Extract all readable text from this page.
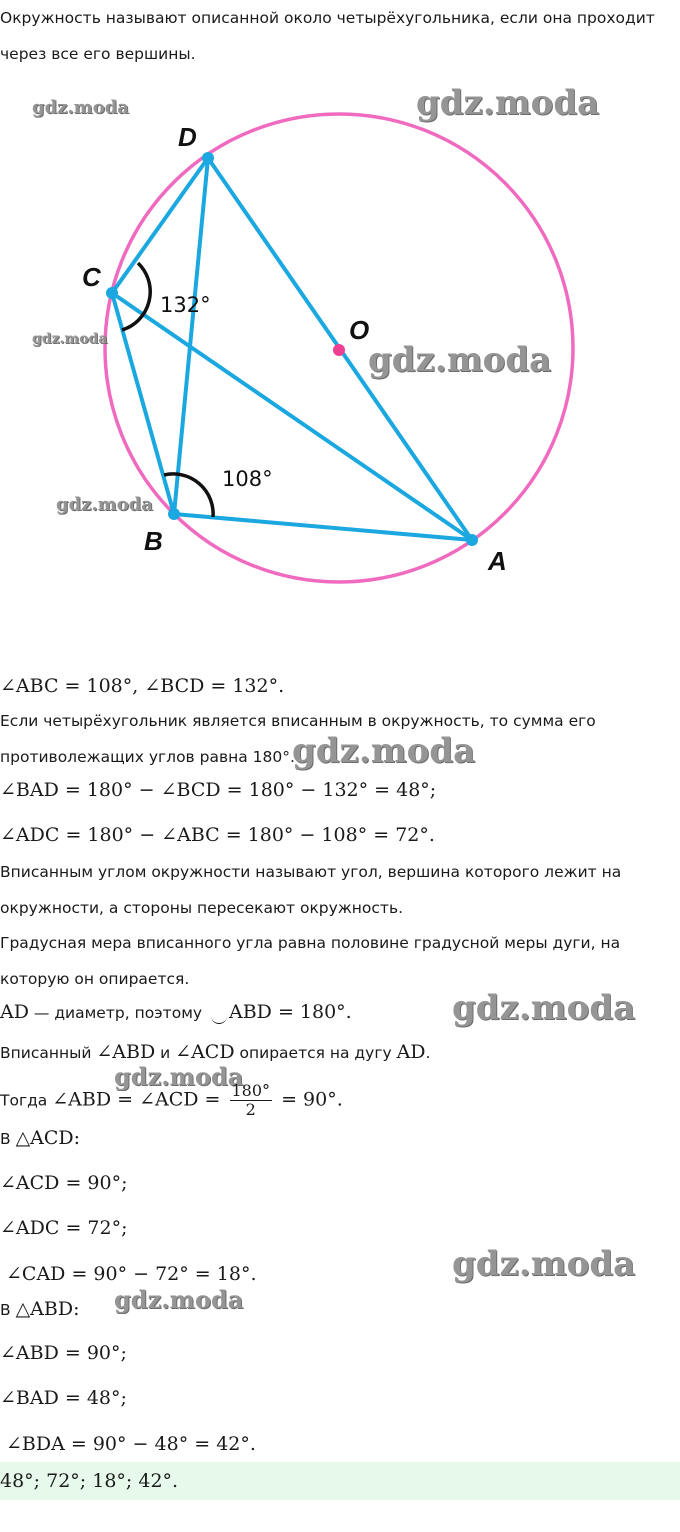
Окружность называют описанной около четырёхугольника, если она проходит
через все его вершины.
D
C
O
B
A
132°
108°
gdz.moda	gdz.moda
gdz.moda
gdz.moda
gdz.moda
gdz.moda
gdz.moda
gdz.moda
gdz.moda
gdz.moda
∠ABC = 108°, ∠BCD = 132°.
Если четырёхугольник является вписанным в окружность, то сумма его
противолежащих углов равна 180°.
∠BAD = 180° − ∠BCD = 180° − 132° = 48°;
∠ADC = 180° − ∠ABC = 180° − 108° = 72°.
Вписанным углом окружности называют угол, вершина которого лежит на
окружности, а стороны пересекают окружность.
Градусная мера вписанного угла равна половине градусной меры дуги, на
которую он опирается.
AD — диаметр, поэтому ABD = 180°.
Вписанный ∠ABD и ∠ACD опирается на дугу AD.
Тогда ∠ABD = ∠ACD = $\frac{180^\circ}{2} = 90^\circ$.
В △ACD:
∠ACD = 90°;
∠ADC = 72°;
∠CAD = 90° − 72° = 18°.
В △ABD:
∠ABD = 90°;
∠BAD = 48°;
∠BDA = 90° − 48° = 42°.
48°; 72°; 18°; 42°.
